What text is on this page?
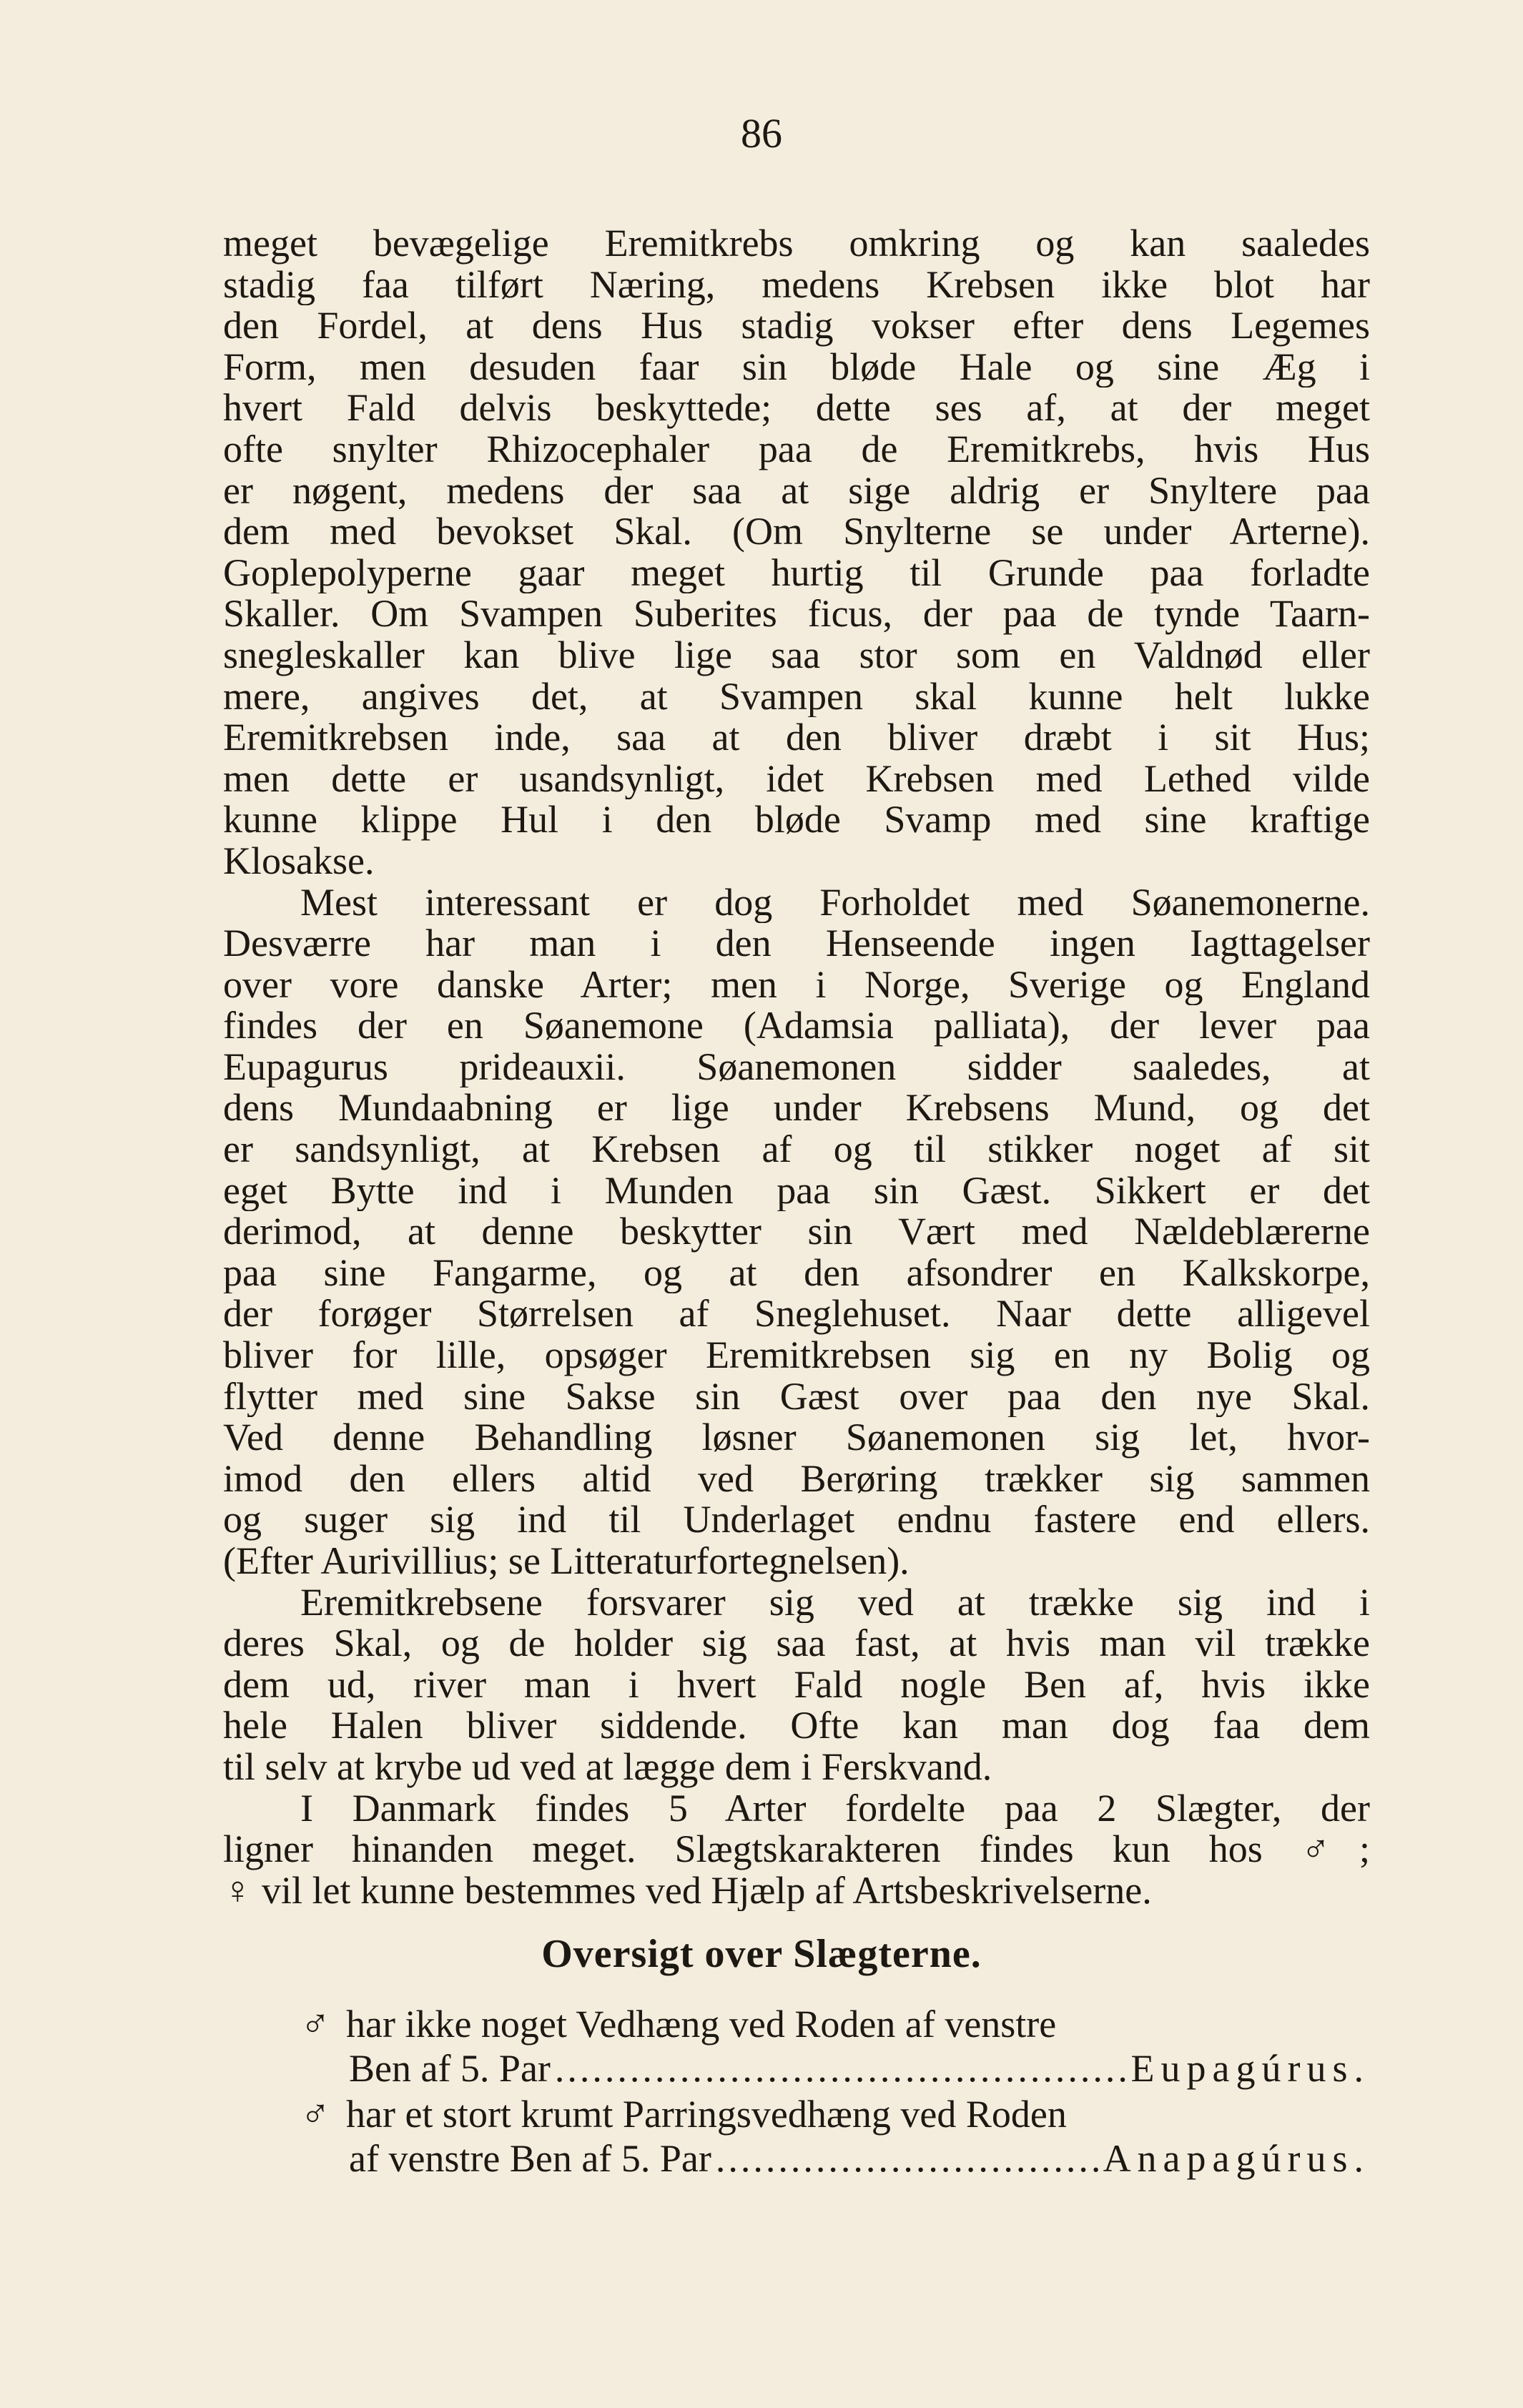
86
meget bevægelige Eremitkrebs omkring og kan saaledes
stadig faa tilført Næring, medens Krebsen ikke blot har
den Fordel, at dens Hus stadig vokser efter dens Legemes
Form, men desuden faar sin bløde Hale og sine Æg i
hvert Fald delvis beskyttede; dette ses af, at der meget
ofte snylter Rhizocephaler paa de Eremitkrebs, hvis Hus
er nøgent, medens der saa at sige aldrig er Snyltere paa
dem med bevokset Skal. (Om Snylterne se under Arterne).
Goplepolyperne gaar meget hurtig til Grunde paa forladte
Skaller. Om Svampen Suberites ficus, der paa de tynde Taarn-
snegleskaller kan blive lige saa stor som en Valdnød eller
mere, angives det, at Svampen skal kunne helt lukke
Eremitkrebsen inde, saa at den bliver dræbt i sit Hus;
men dette er usandsynligt, idet Krebsen med Lethed vilde
kunne klippe Hul i den bløde Svamp med sine kraftige
Klosakse.
Mest interessant er dog Forholdet med Søanemonerne.
Desværre har man i den Henseende ingen Iagttagelser
over vore danske Arter; men i Norge, Sverige og England
findes der en Søanemone (Adamsia palliata), der lever paa
Eupagurus prideauxii. Søanemonen sidder saaledes, at
dens Mundaabning er lige under Krebsens Mund, og det
er sandsynligt, at Krebsen af og til stikker noget af sit
eget Bytte ind i Munden paa sin Gæst. Sikkert er det
derimod, at denne beskytter sin Vært med Nældeblærerne
paa sine Fangarme, og at den afsondrer en Kalkskorpe,
der forøger Størrelsen af Sneglehuset. Naar dette alligevel
bliver for lille, opsøger Eremitkrebsen sig en ny Bolig og
flytter med sine Sakse sin Gæst over paa den nye Skal.
Ved denne Behandling løsner Søanemonen sig let, hvor-
imod den ellers altid ved Berøring trækker sig sammen
og suger sig ind til Underlaget endnu fastere end ellers.
(Efter Aurivillius; se Litteraturfortegnelsen).
Eremitkrebsene forsvarer sig ved at trække sig ind i
deres Skal, og de holder sig saa fast, at hvis man vil trække
dem ud, river man i hvert Fald nogle Ben af, hvis ikke
hele Halen bliver siddende. Ofte kan man dog faa dem
til selv at krybe ud ved at lægge dem i Ferskvand.
I Danmark findes 5 Arter fordelte paa 2 Slægter, der
ligner hinanden meget. Slægtskarakteren findes kun hos ♂;
♀ vil let kunne bestemmes ved Hjælp af Artsbeskrivelserne.
Oversigt over Slægterne.
♂ har ikke noget Vedhæng ved Roden af venstre
Ben af 5. Par .....	Eupagúrus.
♂ har et stort krumt Parringsvedhæng ved Roden
af venstre Ben af 5. Par .....	Anapagúrus.
